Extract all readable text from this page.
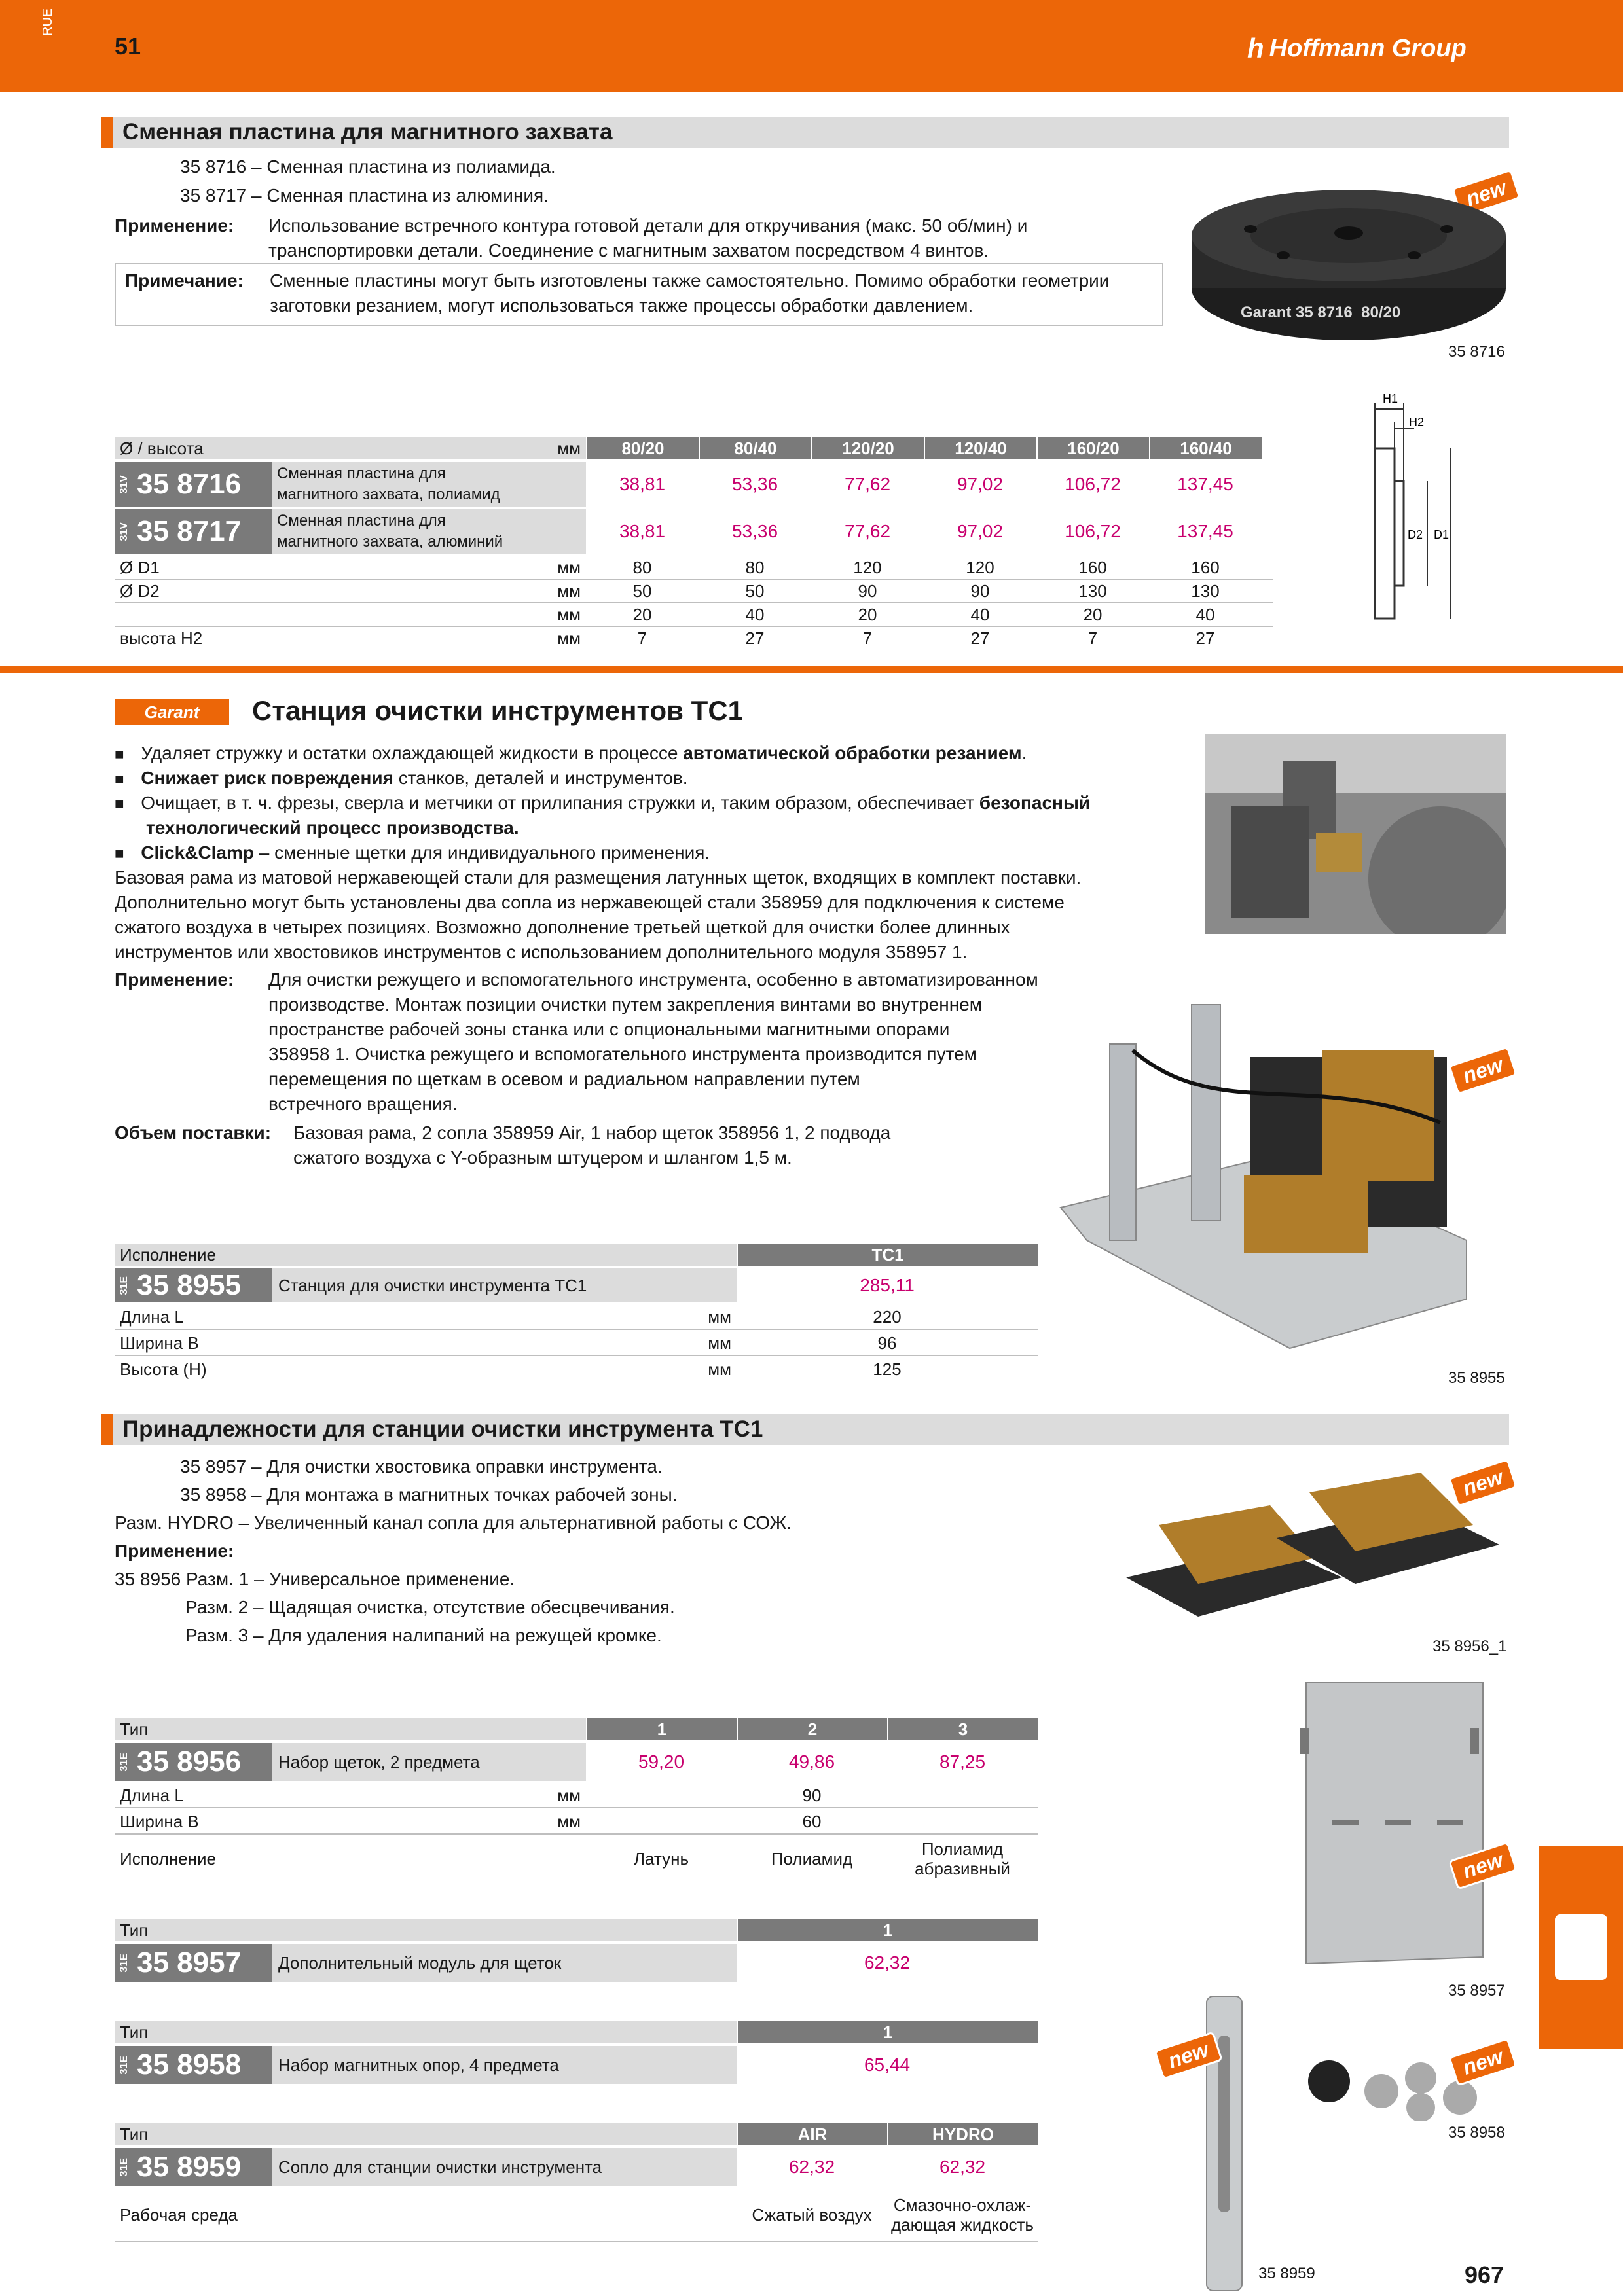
RUE
51	h Hoffmann Group
Сменная пластина для магнитного захвата
35 8716 – Сменная пластина из полиамида.
35 8717 – Сменная пластина из алюминия.
Применение: Использование встречного контура готовой детали для откручивания (макс. 50 об/мин) и
транспортировки детали. Соединение с магнитным захватом посредством 4 винтов.
Примечание: Сменные пластины могут быть изготовлены также самостоятельно. Помимо обработки геометрии
заготовки резанием, могут использоваться также процессы обработки давлением.
new
Garant 35 8716_80/20
35 8716
Ø / высота	мм	80/20	80/40	120/20	120/40	160/20	160/40
31V 35 8716 Сменная пластина для
магнитного захвата, полиамид
38,81	53,36	77,62	97,02	106,72	137,45
31V 35 8717 Сменная пластина для
магнитного захвата, алюминий
38,81	53,36	77,62	97,02	106,72	137,45
Ø D1	мм	80	80	120	120	160	160
Ø D2	мм	50	50	90	90	130	130
мм	20	40	20	40	20	40
высота H2	мм	7	27	7	27	7	27
H1
H2
D2 D1
Garant	Станция очистки инструментов TC1
■ Удаляет стружку и остатки охлаждающей жидкости в процессе автоматической обработки резанием.
■ Снижает риск повреждения станков, деталей и инструментов.
■ Очищает, в т. ч. фрезы, сверла и метчики от прилипания стружки и, таким образом, обеспечивает безопасный
технологический процесс производства.
■ Click&Clamp – сменные щетки для индивидуального применения.
Базовая рама из матовой нержавеющей стали для размещения латунных щеток, входящих в комплект поставки.
Дополнительно могут быть установлены два сопла из нержавеющей стали 358959 для подключения к системе
сжатого воздуха в четырех позициях. Возможно дополнение третьей щеткой для очистки более длинных
инструментов или хвостовиков инструментов с использованием дополнительного модуля 358957 1.
Применение: Для очистки режущего и вспомогательного инструмента, особенно в автоматизированном
производстве. Монтаж позиции очистки путем закрепления винтами во внутреннем
пространстве рабочей зоны станка или с опциональными магнитными опорами
358958 1. Очистка режущего и вспомогательного инструмента производится путем
перемещения по щеткам в осевом и радиальном направлении путем
встречного вращения.
Объем поставки: Базовая рама, 2 сопла 358959 Air, 1 набор щеток 358956 1, 2 подвода
сжатого воздуха с Y-образным штуцером и шлангом 1,5 м.
new
35 8955
Исполнение	TC1
31E 35 8955	Станция для очистки инструмента TC1	285,11
Длина L	мм	220
Ширина B	мм	96
Высота (H)	мм	125
Принадлежности для станции очистки инструмента TC1
35 8957 – Для очистки хвостовика оправки инструмента.
35 8958 – Для монтажа в магнитных точках рабочей зоны.
Разм. HYDRO – Увеличенный канал сопла для альтернативной работы с СОЖ.
Применение:
35 8956 Разм. 1 – Универсальное применение.
Разм. 2 – Щадящая очистка, отсутствие обесцвечивания.
Разм. 3 – Для удаления налипаний на режущей кромке.
new
35 8956_1
new
35 8957
new
35 8959
new
35 8958
Тип	1	2	3
31E 35 8956	Набор щеток, 2 предмета	59,20	49,86	87,25
Длина L	мм	90
Ширина B	мм	60
Исполнение	Латунь	Полиамид	Полиамид
абразивный
Тип	1
31E 35 8957	Дополнительный модуль для щеток	62,32
Тип	1
31E 35 8958	Набор магнитных опор, 4 предмета	65,44
Тип	AIR	HYDRO
31E 35 8959	Сопло для станции очистки инструмента	62,32	62,32
Рабочая среда	Сжатый воздух	Смазочно-охлаж-
дающая жидкость
967
